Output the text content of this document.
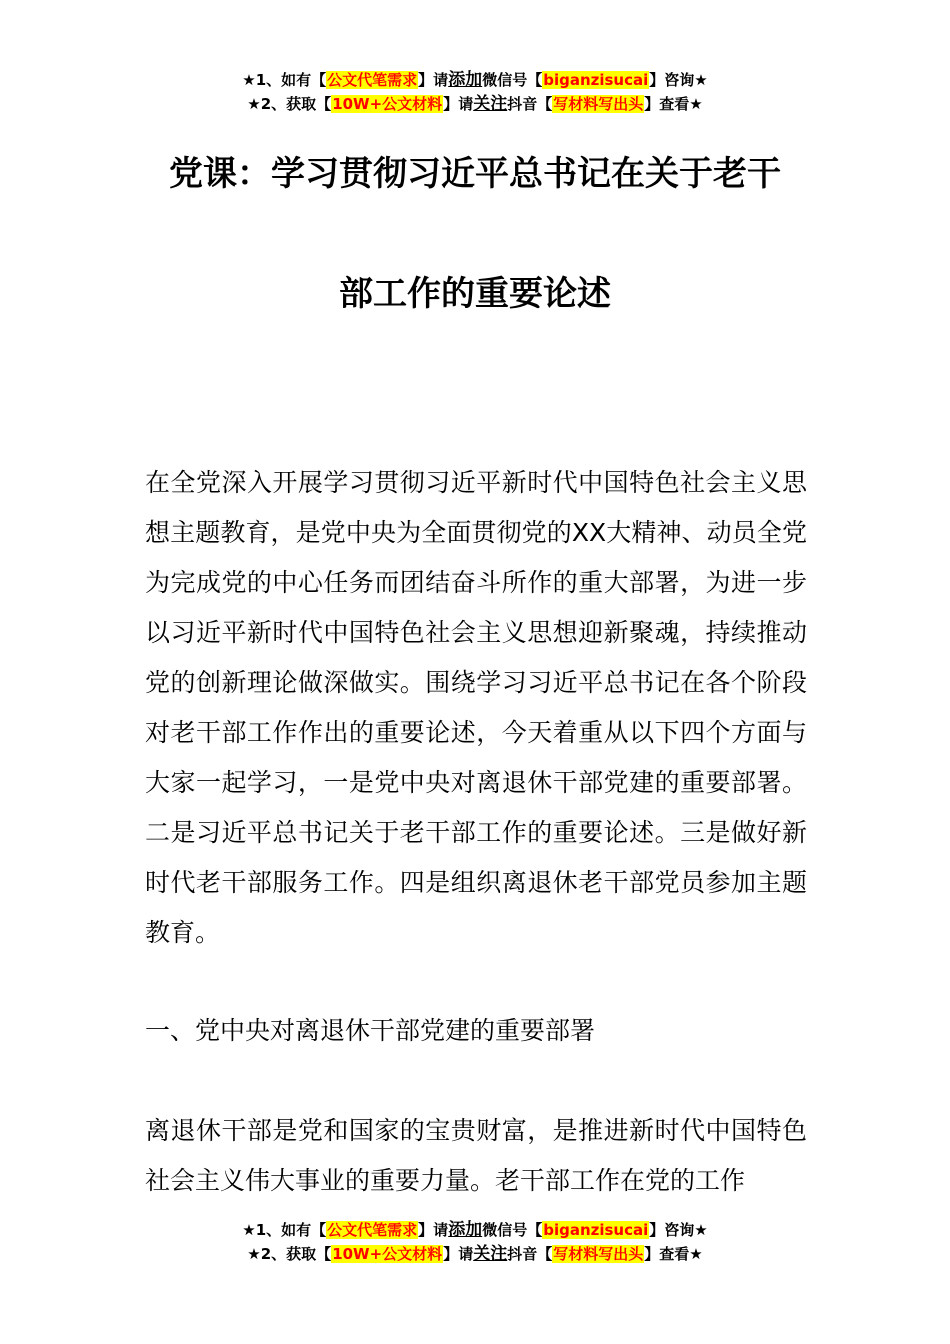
★1、如有【公文代笔需求】请添加微信号【biganzisucai】咨询★
★2、获取【10W+公文材料】请关注抖音【写材料写出头】查看★
党课：学习贯彻习近平总书记在关于老干
部工作的重要论述

在全党深入开展学习贯彻习近平新时代中国特色社会主义思想主题教育，是党中央为全面贯彻党的XX大精神、动员全党为完成党的中心任务而团结奋斗所作的重大部署，为进一步以习近平新时代中国特色社会主义思想迎新聚魂，持续推动党的创新理论做深做实。围绕学习习近平总书记在各个阶段对老干部工作作出的重要论述，今天着重从以下四个方面与大家一起学习，一是党中央对离退休干部党建的重要部署。二是习近平总书记关于老干部工作的重要论述。三是做好新时代老干部服务工作。四是组织离退休老干部党员参加主题教育。

一、党中央对离退休干部党建的重要部署

离退休干部是党和国家的宝贵财富，是推进新时代中国特色社会主义伟大事业的重要力量。老干部工作在党的工作

★1、如有【公文代笔需求】请添加微信号【biganzisucai】咨询★
★2、获取【10W+公文材料】请关注抖音【写材料写出头】查看★
